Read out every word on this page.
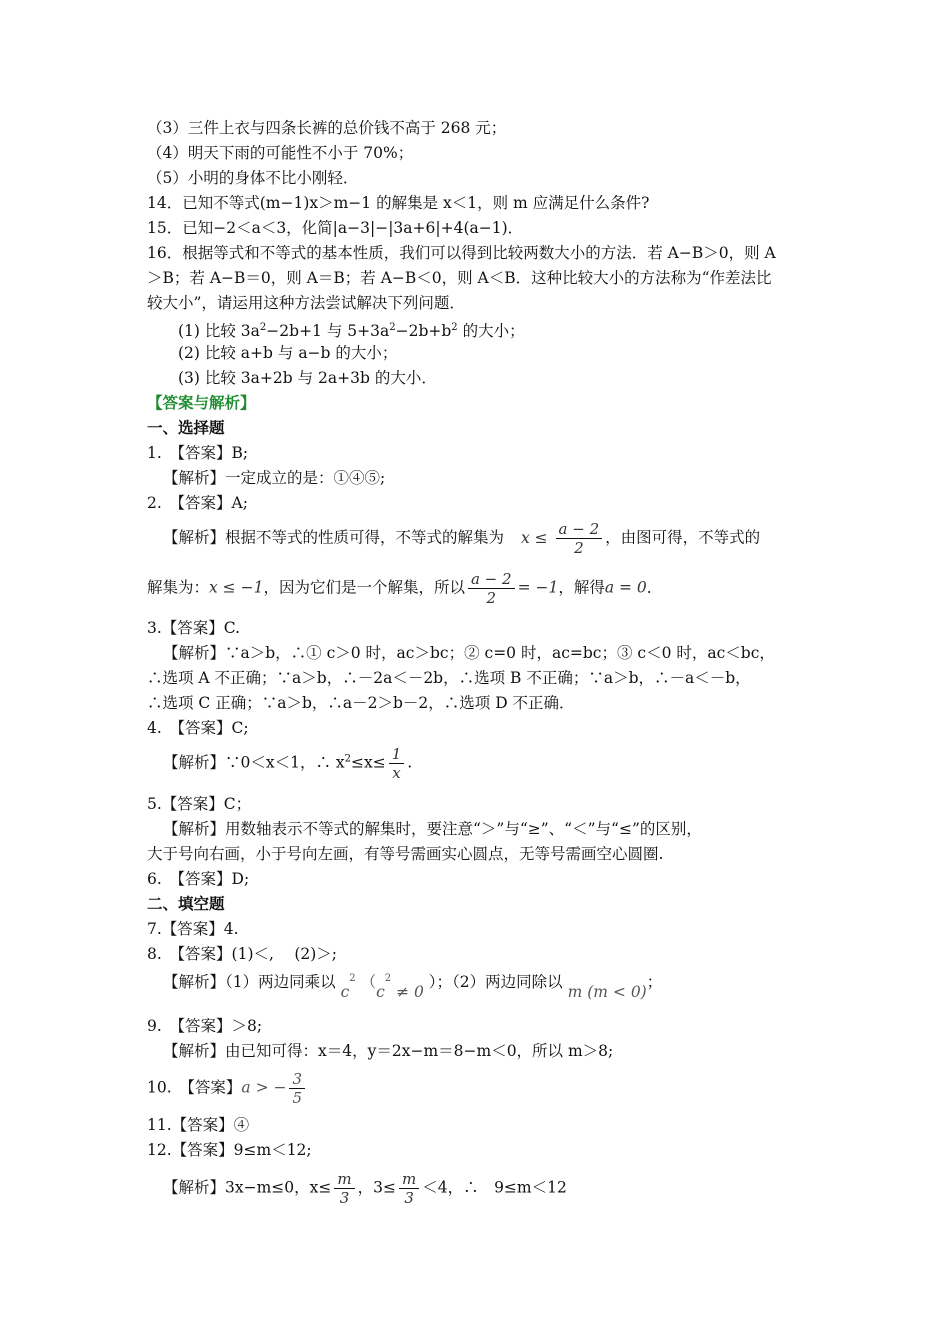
（3）三件上衣与四条长裤的总价钱不高于 268 元；
（4）明天下雨的可能性不小于 70%；
（5）小明的身体不比小刚轻．
14．已知不等式(m−1)x＞m−1 的解集是 x＜1，则 m 应满足什么条件?
15．已知−2＜a＜3，化简|a−3|−|3a+6|+4(a−1)．
16．根据等式和不等式的基本性质，我们可以得到比较两数大小的方法．若 A−B＞0，则 A
＞B；若 A−B＝0，则 A＝B；若 A−B＜0，则 A＜B．这种比较大小的方法称为“作差法比
较大小”，请运用这种方法尝试解决下列问题．
(1) 比较 $3a^2-2b+1$ 与 $5+3a^2-2b+b^2$ 的大小；
(2) 比较 a+b 与 a−b 的大小；
(3) 比较 3a+2b 与 2a+3b 的大小．
【答案与解析】
一、选择题
1.　【答案】B;
【解析】一定成立的是：①④⑤;
2.　【答案】A;
【解析】根据不等式的性质可得，不等式的解集为 $x \le \frac{a - 2}{2}$ ，由图可得，不等式的
解集为：x ≤ −1，因为它们是一个解集，所以 $\frac{a - 2}{2} = -1$，解得a = 0．
3.【答案】C.
【解析】∵a＞b，∴① c＞0 时，ac＞bc；② c=0 时，ac=bc；③ c＜0 时，ac＜bc，
∴选项 A 不正确；∵a＞b，∴－2a＜－2b，∴选项 B 不正确；∵a＞b，∴－a＜－b，
∴选项 C 正确；∵a＞b，∴a－2＞b－2，∴选项 D 不正确．
4.　【答案】C;
【解析】∵0＜x＜1，∴ $x^2\le x\le \frac{1}{x}$ .
5.【答案】C；
【解析】用数轴表示不等式的解集时，要注意“＞”与“≥”、“＜”与“≤”的区别，
大于号向右画，小于号向左画，有等号需画实心圆点，无等号需画空心圆圈.
6.　【答案】D;
二、填空题
7.【答案】4.
8.　【答案】(1)＜,　 (2)＞;
【解析】（1）两边同乘以 $c^2$ （$c^2 \ne 0$ ）；（2）两边同除以 m (m < 0)；
9.　【答案】＞8;
【解析】由已知可得：x＝4，y＝2x−m＝8−m＜0，所以 m＞8;
10.　【答案】a > − $\frac{3}{5}$
11.【答案】④
12.【答案】9≤m＜12;
【解析】3x−m≤0，$x\le \frac{m}{3}$ ，$3\le \frac{m}{3} <4$，∴　9≤m＜12
